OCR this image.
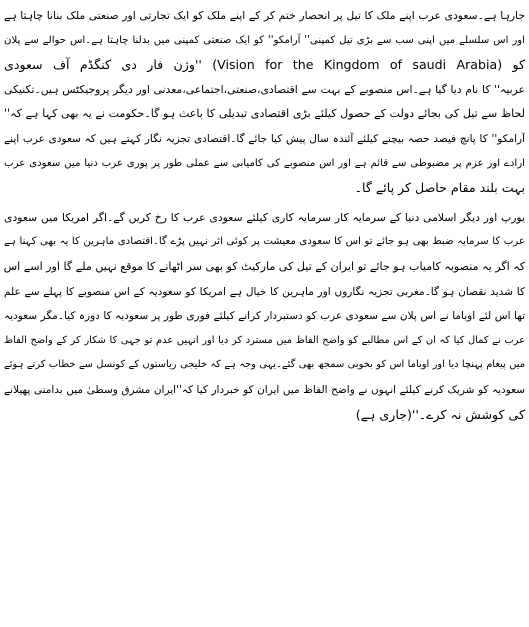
جارہا ہے۔سعودی عرب اپنے ملک کا تیل پر انحصار ختم کر کے اپنے ملک کو ایک تجارتی اور صنعتی ملک بنانا چاہتا ہے
اور اس سلسلے میں اپنی سب سے بڑی تیل کمپنی'' آرامکو'' کو ایک صنعتی کمپنی میں بدلنا چاہتا ہے۔اس حوالے سے پلان
کو (Vision for the Kingdom of saudi Arabia) ''وژن فار دی کنگڈم آف سعودی
عربیہ'' کا نام دیا گیا ہے۔اس منصوبے کے بہت سے اقتصادی،صنعتی،اجتماعی،معدنی اور دیگر پروجیکٹس ہیں۔تکنیکی
لحاظ سے تیل کی بجائے دولت کے حصول کیلئے بڑی اقتصادی تبدیلی کا باعث ہو گا۔حکومت نے یہ بھی کہا ہے کہ''
آرامکو'' کا پانچ فیصد حصہ بیچنے کیلئے آئندہ سال پیش کیا جائے گا۔اقتصادی تجزیہ نگار کہتے ہیں کہ سعودی عرب اپنے
ارادے اور عزم پر مضبوطی سے قائم ہے اور اس منصوبے کی کامیابی سے عملی طور پر پوری عرب دنیا میں سعودی عرب
بہت بلند مقام حاصل کر پائے گا۔
یورپ اور دیگر اسلامی دنیا کے سرمایہ کار سرمایہ کاری کیلئے سعودی عرب کا رخ کریں گے۔اگر امریکا میں سعودی
عرب کا سرمایہ ضبط بھی ہو جائے تو اس کا سعودی معیشت پر کوئی اثر نہیں پڑے گا۔اقتصادی ماہرین کا یہ بھی کہنا ہے
کہ اگر یہ منصوبہ کامیاب ہو جائے تو ایران کے تیل کی مارکیٹ کو بھی سر اٹھانے کا موقع نہیں ملے گا اور اسے اس
کا شدید نقصان ہو گا۔مغربی تجزیہ نگاروں اور ماہرین کا خیال ہے امریکا کو سعودیہ کے اس منصوبے کا پہلے سے علم
تھا اس لئے اوباما نے اس پلان سے سعودی عرب کو دستبردار کرانے کیلئے فوری طور پر سعودیہ کا دورہ کیا۔مگر سعودیہ
عرب نے کمال کیا کہ ان کے اس مطالبے کو واضح الفاظ میں مسترد کر دیا اور انہیں عدم تو جہی کا شکار کر کے واضح الفاظ
میں پیغام پہنچا دیا اور اوباما اس کو بخوبی سمجھ بھی گئے۔یہی وجہ ہے کہ خلیجی ریاستوں کے کونسل سے خطاب کرتے ہوئے
سعودیہ کو شریک کرنے کیلئے انہوں نے واضح الفاظ میں ایران کو خبردار کیا کہ''ایران مشرق وسطیٰ میں بدامنی پھیلانے
کی کوشش نہ کرے۔''(جاری ہے)
